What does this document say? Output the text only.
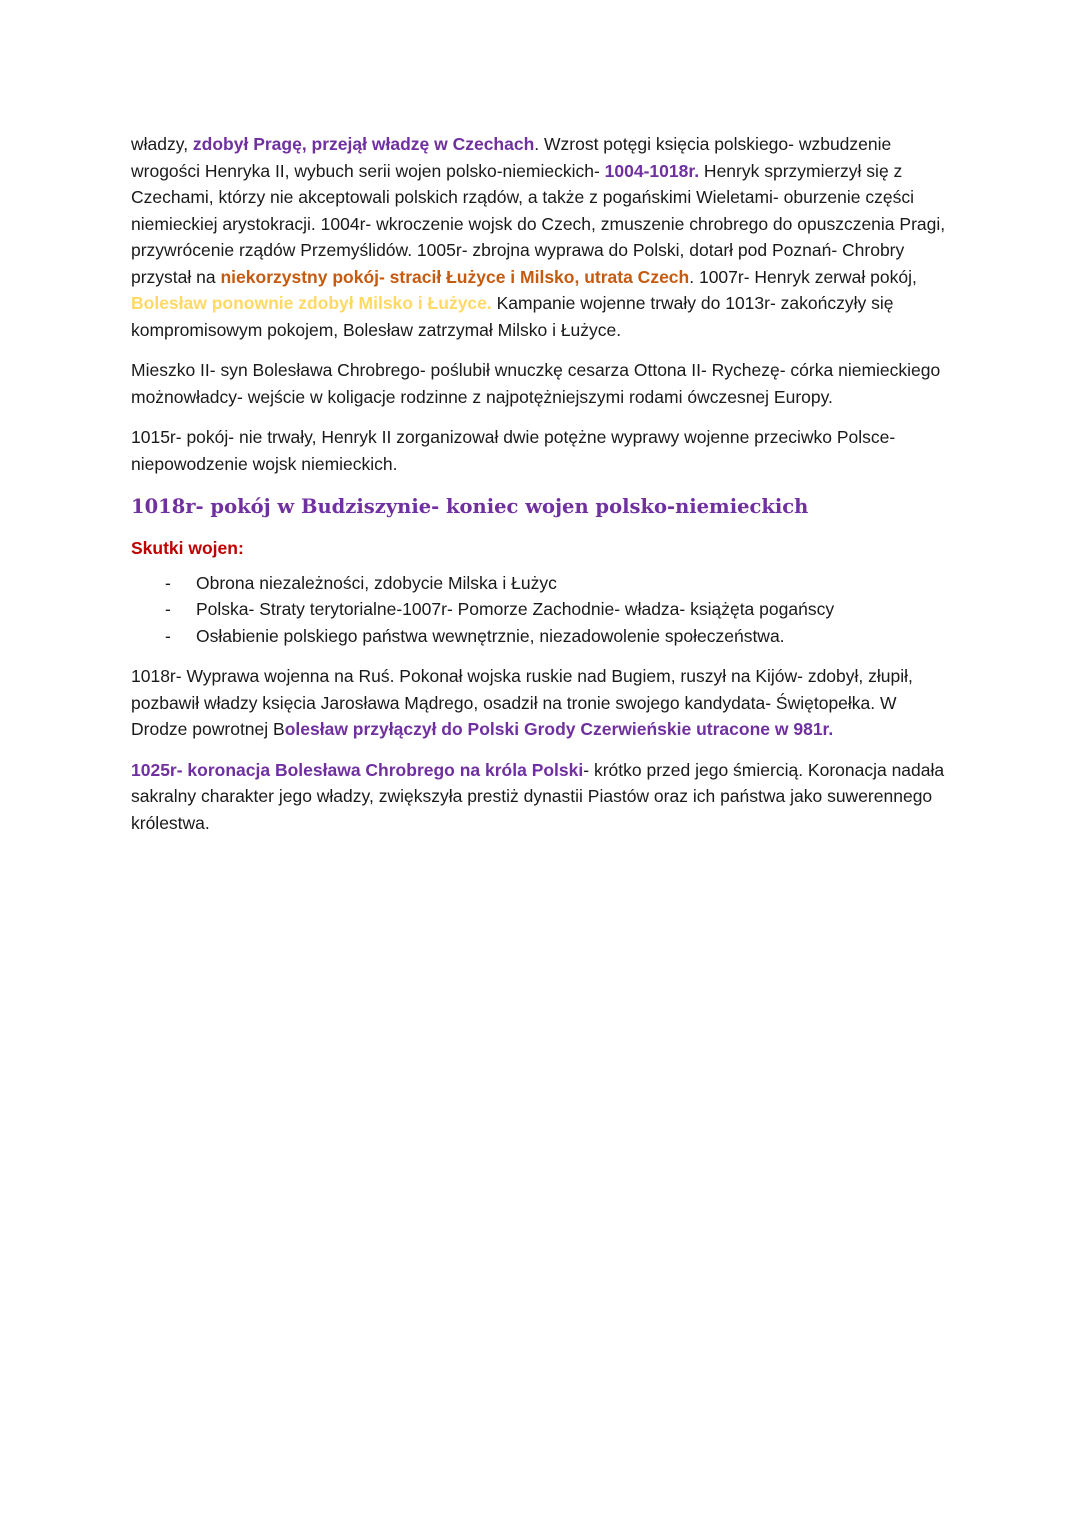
władzy, zdobył Pragę, przejął władzę w Czechach. Wzrost potęgi księcia polskiego- wzbudzenie wrogości Henryka II, wybuch serii wojen polsko-niemieckich- 1004-1018r. Henryk sprzymierzył się z Czechami, którzy nie akceptowali polskich rządów, a także z pogańskimi Wieletami- oburzenie części niemieckiej arystokracji. 1004r- wkroczenie wojsk do Czech, zmuszenie chrobrego do opuszczenia Pragi, przywrócenie rządów Przemyślidów. 1005r- zbrojna wyprawa do Polski, dotarł pod Poznań- Chrobry przystał na niekorzystny pokój- stracił Łużyce i Milsko, utrata Czech. 1007r- Henryk zerwał pokój, Bolesław ponownie zdobył Milsko i Łużyce. Kampanie wojenne trwały do 1013r- zakończyły się kompromisowym pokojem, Bolesław zatrzymał Milsko i Łużyce.

Mieszko II- syn Bolesława Chrobrego- poślubił wnuczkę cesarza Ottona II- Rychezę- córka niemieckiego możnowładcy- wejście w koligacje rodzinne z najpotężniejszymi rodami ówczesnej Europy.

1015r- pokój- nie trwały, Henryk II zorganizował dwie potężne wyprawy wojenne przeciwko Polsce- niepowodzenie wojsk niemieckich.

1018r- pokój w Budziszynie- koniec wojen polsko-niemieckich
Skutki wojen:
- Obrona niezależności, zdobycie Milska i Łużyc
- Polska- Straty terytorialne-1007r- Pomorze Zachodnie- władza- książęta pogańscy
- Osłabienie polskiego państwa wewnętrznie, niezadowolenie społeczeństwa.

1018r- Wyprawa wojenna na Ruś. Pokonał wojska ruskie nad Bugiem, ruszył na Kijów- zdobył, złupił, pozbawił władzy księcia Jarosława Mądrego, osadził na tronie swojego kandydata- Świętopełka. W Drodze powrotnej Bolesław przyłączył do Polski Grody Czerwieńskie utracone w 981r.

1025r- koronacja Bolesława Chrobrego na króla Polski- krótko przed jego śmiercią. Koronacja nadała sakralny charakter jego władzy, zwiększyła prestiż dynastii Piastów oraz ich państwa jako suwerennego królestwa.
